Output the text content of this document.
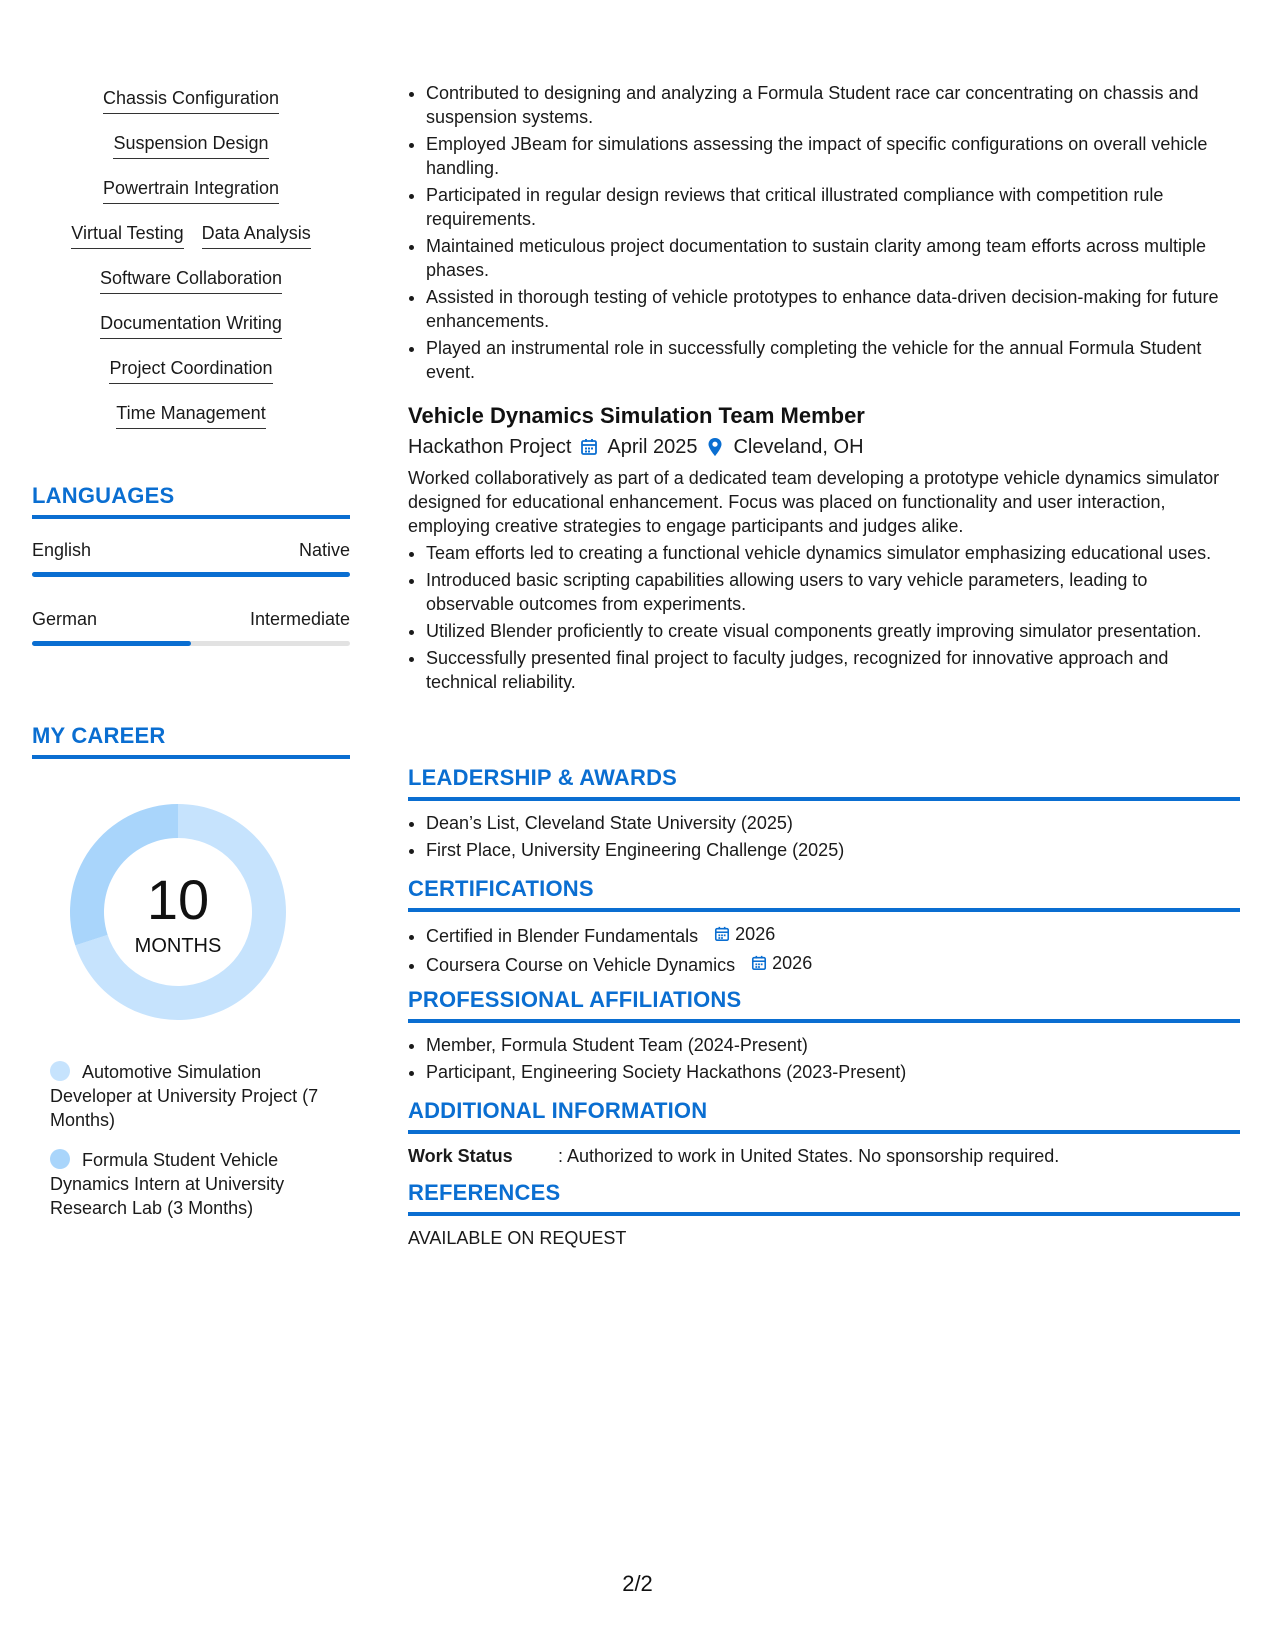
Chassis Configuration
Suspension Design
Powertrain Integration
Virtual Testing Data Analysis
Software Collaboration
Documentation Writing
Project Coordination
Time Management
LANGUAGES
English	Native
German	Intermediate
MY CAREER
10
MONTHS
Automotive Simulation Developer at University Project (7 Months)
Formula Student Vehicle Dynamics Intern at University Research Lab (3 Months)
• Contributed to designing and analyzing a Formula Student race car concentrating on chassis and suspension systems.
• Employed JBeam for simulations assessing the impact of specific configurations on overall vehicle handling.
• Participated in regular design reviews that critical illustrated compliance with competition rule requirements.
• Maintained meticulous project documentation to sustain clarity among team efforts across multiple phases.
• Assisted in thorough testing of vehicle prototypes to enhance data-driven decision-making for future enhancements.
• Played an instrumental role in successfully completing the vehicle for the annual Formula Student event.
Vehicle Dynamics Simulation Team Member
Hackathon Project April 2025 Cleveland, OH
Worked collaboratively as part of a dedicated team developing a prototype vehicle dynamics simulator designed for educational enhancement. Focus was placed on functionality and user interaction, employing creative strategies to engage participants and judges alike.
• Team efforts led to creating a functional vehicle dynamics simulator emphasizing educational uses.
• Introduced basic scripting capabilities allowing users to vary vehicle parameters, leading to observable outcomes from experiments.
• Utilized Blender proficiently to create visual components greatly improving simulator presentation.
• Successfully presented final project to faculty judges, recognized for innovative approach and technical reliability.
LEADERSHIP & AWARDS
• Dean’s List, Cleveland State University (2025)
• First Place, University Engineering Challenge (2025)
CERTIFICATIONS
• Certified in Blender Fundamentals 2026
• Coursera Course on Vehicle Dynamics 2026
PROFESSIONAL AFFILIATIONS
• Member, Formula Student Team (2024-Present)
• Participant, Engineering Society Hackathons (2023-Present)
ADDITIONAL INFORMATION
Work Status	: Authorized to work in United States. No sponsorship required.
REFERENCES
AVAILABLE ON REQUEST
2/2
